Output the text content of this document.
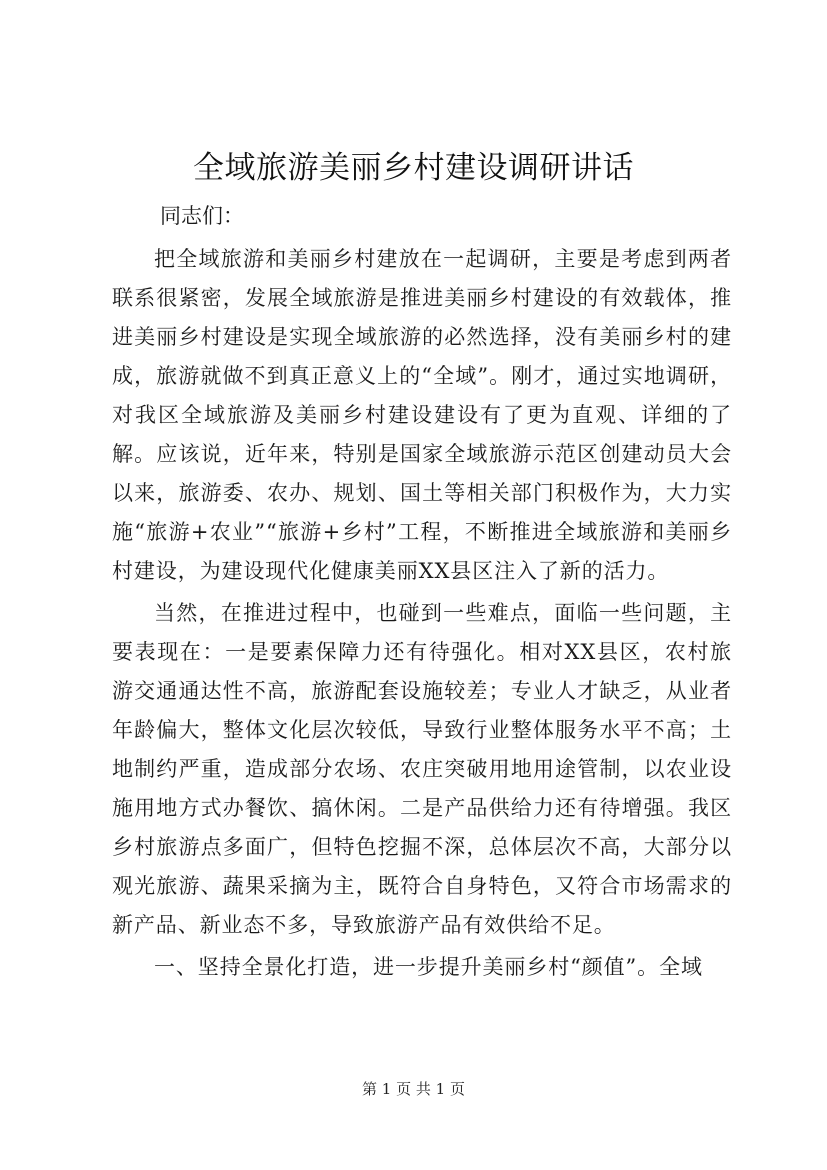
全域旅游美丽乡村建设调研讲话

同志们：

把全域旅游和美丽乡村建放在一起调研，主要是考虑到两者联系很紧密，发展全域旅游是推进美丽乡村建设的有效载体，推进美丽乡村建设是实现全域旅游的必然选择，没有美丽乡村的建成，旅游就做不到真正意义上的“全域”。刚才，通过实地调研，对我区全域旅游及美丽乡村建设建设有了更为直观、详细的了解。应该说，近年来，特别是国家全域旅游示范区创建动员大会以来，旅游委、农办、规划、国土等相关部门积极作为，大力实施“旅游+农业”“旅游+乡村”工程，不断推进全域旅游和美丽乡村建设，为建设现代化健康美丽XX县区注入了新的活力。

当然，在推进过程中，也碰到一些难点，面临一些问题，主要表现在：一是要素保障力还有待强化。相对XX县区，农村旅游交通通达性不高，旅游配套设施较差；专业人才缺乏，从业者年龄偏大，整体文化层次较低，导致行业整体服务水平不高；土地制约严重，造成部分农场、农庄突破用地用途管制，以农业设施用地方式办餐饮、搞休闲。二是产品供给力还有待增强。我区乡村旅游点多面广，但特色挖掘不深，总体层次不高，大部分以观光旅游、蔬果采摘为主，既符合自身特色，又符合市场需求的新产品、新业态不多，导致旅游产品有效供给不足。

一、坚持全景化打造，进一步提升美丽乡村“颜值”。全域

第 1 页 共 1 页
